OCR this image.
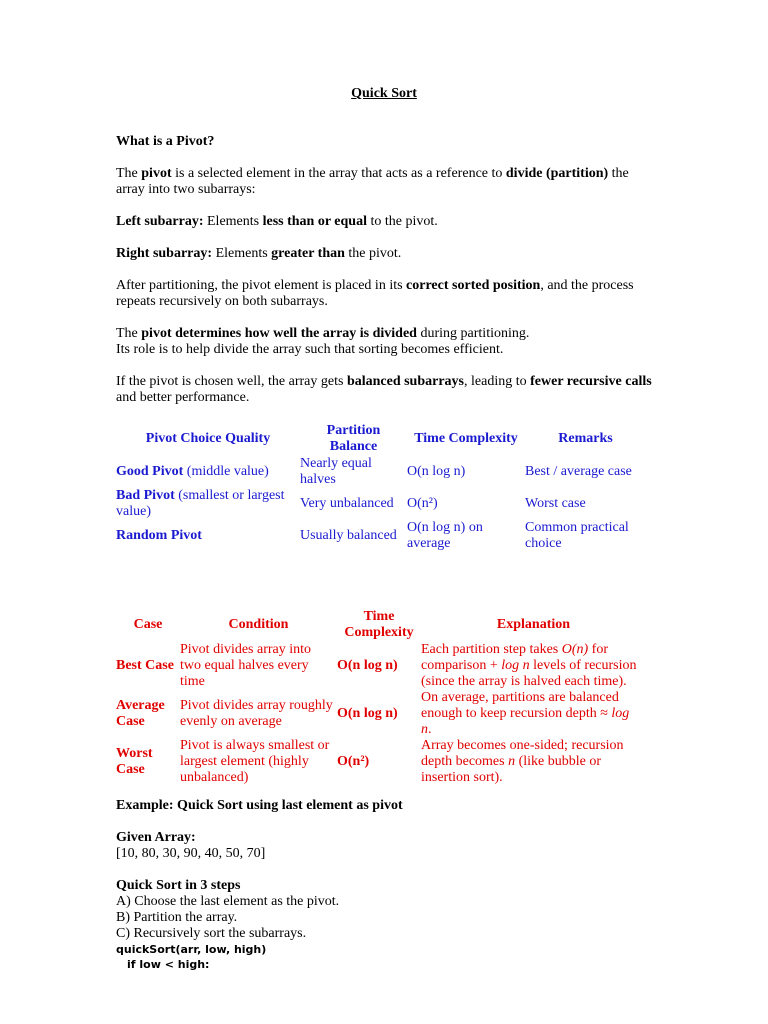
Quick Sort

What is a Pivot?

The pivot is a selected element in the array that acts as a reference to divide (partition) the array into two subarrays:

Left subarray: Elements less than or equal to the pivot.

Right subarray: Elements greater than the pivot.

After partitioning, the pivot element is placed in its correct sorted position, and the process repeats recursively on both subarrays.

The pivot determines how well the array is divided during partitioning.
Its role is to help divide the array such that sorting becomes efficient.

If the pivot is chosen well, the array gets balanced subarrays, leading to fewer recursive calls and better performance.

Pivot Choice Quality	Partition Balance	Time Complexity	Remarks
Good Pivot (middle value)	Nearly equal halves	O(n log n)	Best / average case
Bad Pivot (smallest or largest value)	Very unbalanced	O(n²)	Worst case
Random Pivot	Usually balanced	O(n log n) on average	Common practical choice
Case	Condition	Time Complexity	Explanation
Best Case	Pivot divides array into two equal halves every time	O(n log n)	Each partition step takes O(n) for comparison + log n levels of recursion (since the array is halved each time).
Average Case	Pivot divides array roughly evenly on average	O(n log n)	On average, partitions are balanced enough to keep recursion depth ≈ log n.
Worst Case	Pivot is always smallest or largest element (highly unbalanced)	O(n²)	Array becomes one-sided; recursion depth becomes n (like bubble or insertion sort).

Example: Quick Sort using last element as pivot

Given Array:
[10, 80, 30, 90, 40, 50, 70]

Quick Sort in 3 steps
A) Choose the last element as the pivot.
B) Partition the array.
C) Recursively sort the subarrays.
quickSort(arr, low, high)
if low < high:
